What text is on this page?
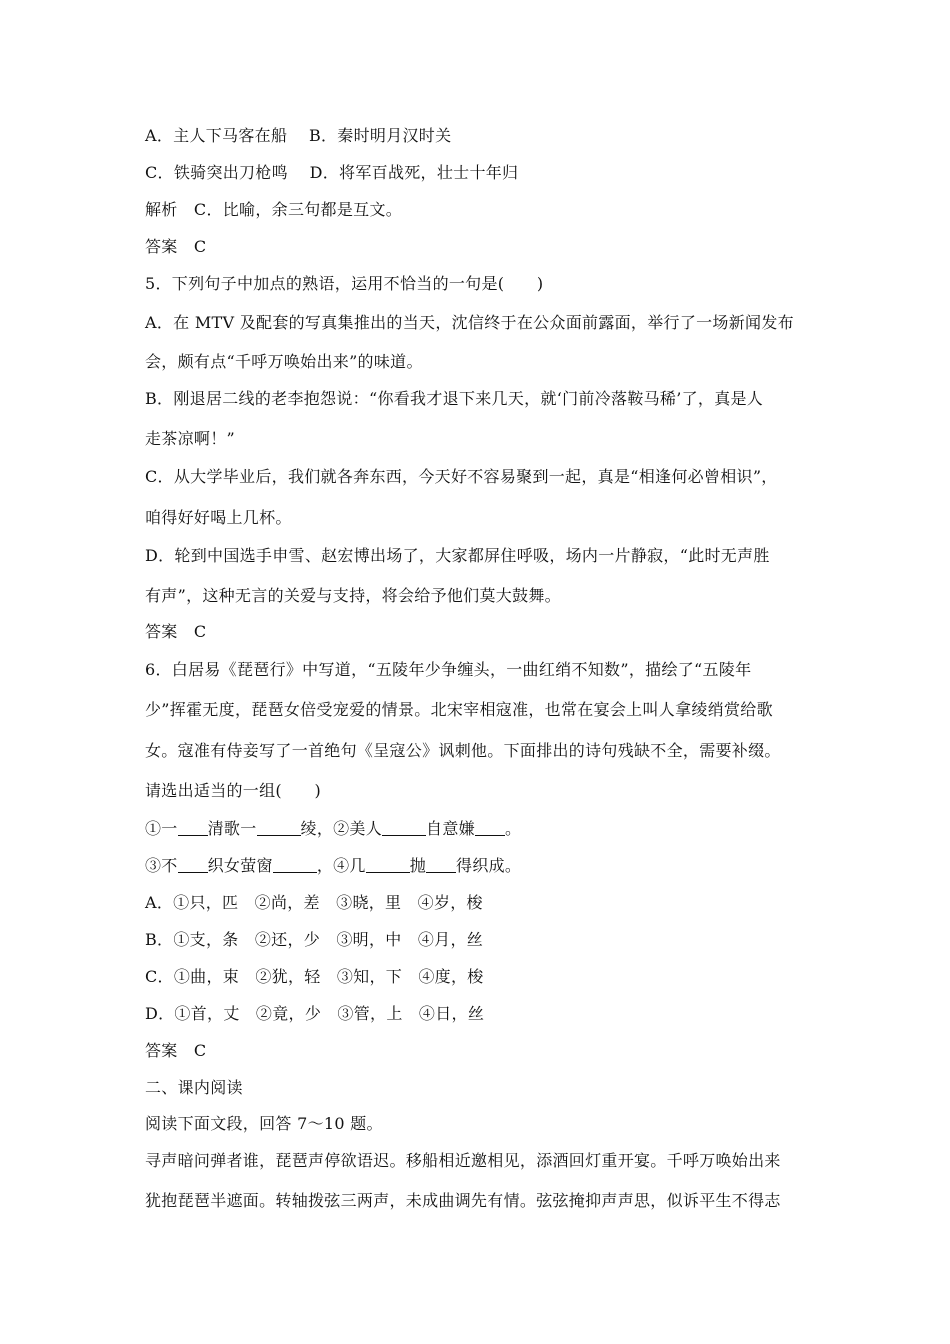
A．主人下马客在船　 B．秦时明月汉时关
C．铁骑突出刀枪鸣　 D．将军百战死，壮士十年归
解析　C．比喻，余三句都是互文。
答案　C
5．下列句子中加点的熟语，运用不恰当的一句是(　　)
A．在 MTV 及配套的写真集推出的当天，沈信终于在公众面前露面，举行了一场新闻发布
会，颇有点“千呼万唤始出来”的味道。
B．刚退居二线的老李抱怨说：“你看我才退下来几天，就‘门前冷落鞍马稀’了，真是人
走茶凉啊！”
C．从大学毕业后，我们就各奔东西，今天好不容易聚到一起，真是“相逢何必曾相识”，
咱得好好喝上几杯。
D．轮到中国选手申雪、赵宏博出场了，大家都屏住呼吸，场内一片静寂，“此时无声胜
有声”，这种无言的关爱与支持，将会给予他们莫大鼓舞。
答案　C
6．白居易《琵琶行》中写道，“五陵年少争缠头，一曲红绡不知数”，描绘了“五陵年
少”挥霍无度，琵琶女倍受宠爱的情景。北宋宰相寇准，也常在宴会上叫人拿绫绡赏给歌
女。寇准有侍妾写了一首绝句《呈寇公》讽刺他。下面排出的诗句残缺不全，需要补缀。
请选出适当的一组(　　)
①一 清歌一	绫，②美人	自意嫌 。
③不 织女萤窗	，④几	抛 得织成。
A．①只，匹　②尚，差　③晓，里　④岁，梭
B．①支，条　②还，少　③明，中　④月，丝
C．①曲，束　②犹，轻　③知，下　④度，梭
D．①首，丈　②竟，少　③管，上　④日，丝
答案　C
二、课内阅读
阅读下面文段，回答 7～10 题。
寻声暗问弹者谁，琵琶声停欲语迟。移船相近邀相见，添酒回灯重开宴。千呼万唤始出来
犹抱琵琶半遮面。转轴拨弦三两声，未成曲调先有情。弦弦掩抑声声思，似诉平生不得志
